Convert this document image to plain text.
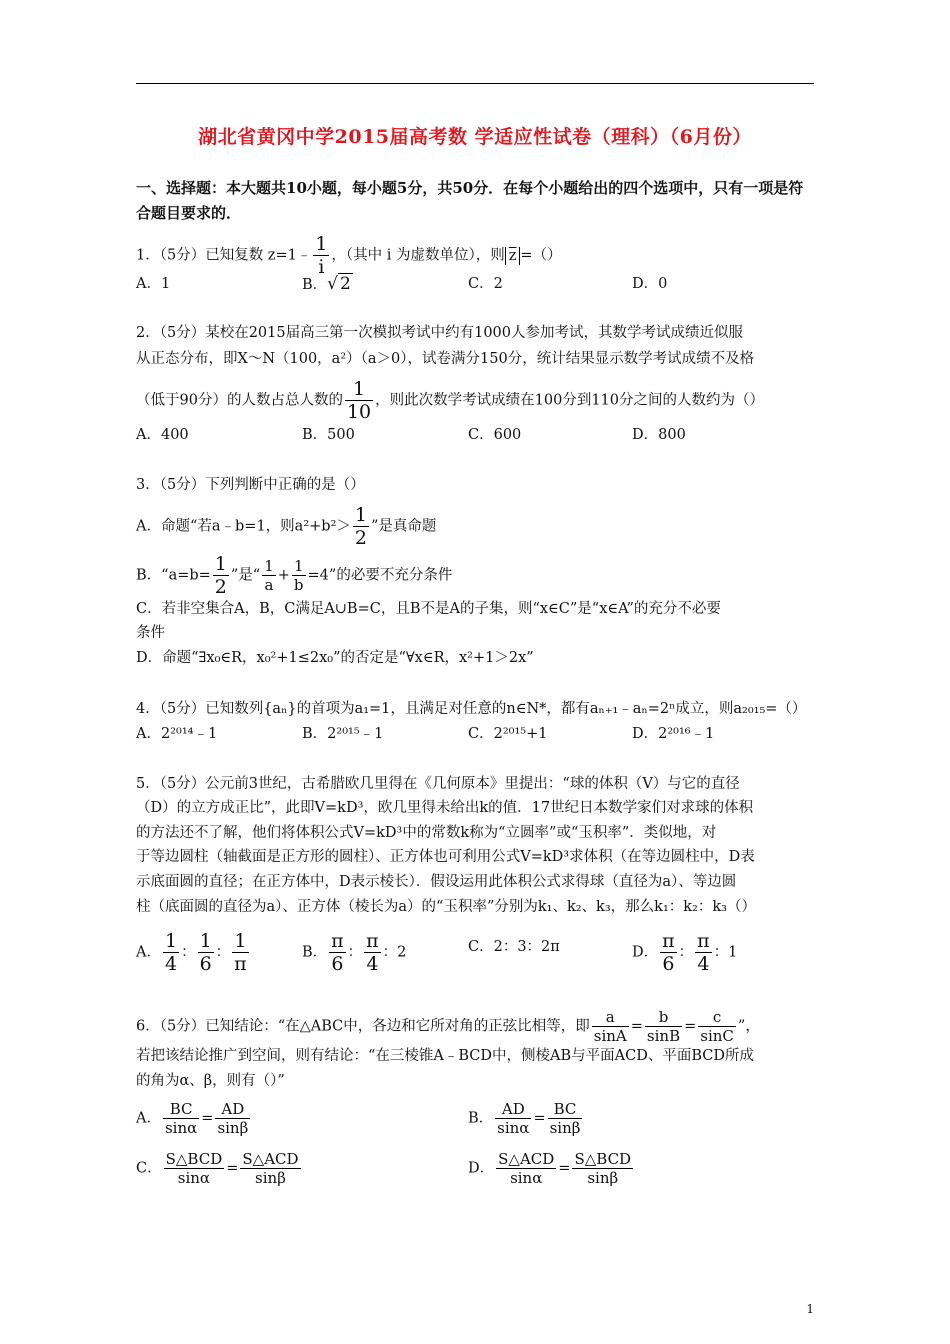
湖北省黄冈中学2015届高考数 学适应性试卷（理科）（6月份）
一、选择题：本大题共10小题，每小题5分，共50分．在每个小题给出的四个选项中，只有一项是符合题目要求的．
1．（5分）已知复数 z=1﹣ $\frac{1}{i}$ ，（其中 i 为虚数单位），则 $\overline{z}$ =（）
A．1	B．√ 2	C．2	D．0
2．（5分）某校在2015届高三第一次模拟考试中约有1000人参加考试，其数学考试成绩近似服
从正态分布，即X～N（100，a²）（a＞0），试卷满分150分，统计结果显示数学考试成绩不及格
（低于90分）的人数占总人数的 $\frac{1}{10}$ ，则此次数学考试成绩在100分到110分之间的人数约为（）
A．400	B．500	C．600	D．800
3．（5分）下列判断中正确的是（）
A．命题“若a﹣b=1，则$a^2+b^2> \frac{1}{2}$ ”是真命题
B．“$a=b= \frac{1}{2}$ ”是“ $\frac{1}{a} + \frac{1}{b} =4$”的必要不充分条件
C．若非空集合A，B，C满足A∪B=C，且B不是A的子集，则“x∈C”是“x∈A”的充分不必要
条件
D．命题“∃x₀∈R，x₀²+1≤2x₀”的否定是“∀x∈R，x²+1＞2x”
4．（5分）已知数列{aₙ}的首项为a₁=1，且满足对任意的n∈N*，都有aₙ₊₁﹣aₙ=2ⁿ成立，则a₂₀₁₅=（）
A．2²⁰¹⁴﹣1	B．2²⁰¹⁵﹣1	C．2²⁰¹⁵+1	D．2²⁰¹⁶﹣1
5．（5分）公元前3世纪，古希腊欧几里得在《几何原本》里提出：“球的体积（V）与它的直径
（D）的立方成正比”，此即V=kD³，欧几里得未给出k的值．17世纪日本数学家们对求球的体积
的方法还不了解，他们将体积公式V=kD³中的常数k称为“立圆率”或“玉积率”．类似地，对
于等边圆柱（轴截面是正方形的圆柱）、正方体也可利用公式V=kD³求体积（在等边圆柱中，D表
示底面圆的直径；在正方体中，D表示棱长）．假设运用此体积公式求得球（直径为a）、等边圆
柱（底面圆的直径为a）、正方体（棱长为a）的“玉积率”分别为k₁、k₂、k₃，那么k₁：k₂：k₃（）
A． $\frac{1}{4}$ ： $\frac{1}{6}$ ： $\frac{1}{\pi}$	B． $\frac{\pi}{6}$ ： $\frac{\pi}{4}$ ：2	C．2：3：2π	D． $\frac{\pi}{6}$ ： $\frac{\pi}{4}$ ：1
6．（5分）已知结论：“在△ABC中，各边和它所对角的正弦比相等，即 $\frac{a}{\sin A} = \frac{b}{\sin B} = \frac{c}{\sin C}$ ”，
若把该结论推广到空间，则有结论：“在三棱锥A﹣BCD中，侧棱AB与平面ACD、平面BCD所成
的角为α、β，则有（）”
A． $\frac{BC}{\sin\alpha} = \frac{AD}{\sin\beta}$	B． $\frac{AD}{\sin\alpha} = \frac{BC}{\sin\beta}$
C． $\frac{\text{S△BCD}}{\sin\alpha} = \frac{\text{S△ACD}}{\sin\beta}$	D． $\frac{\text{S△ACD}}{\sin\alpha} = \frac{\text{S△BCD}}{\sin\beta}$
1
